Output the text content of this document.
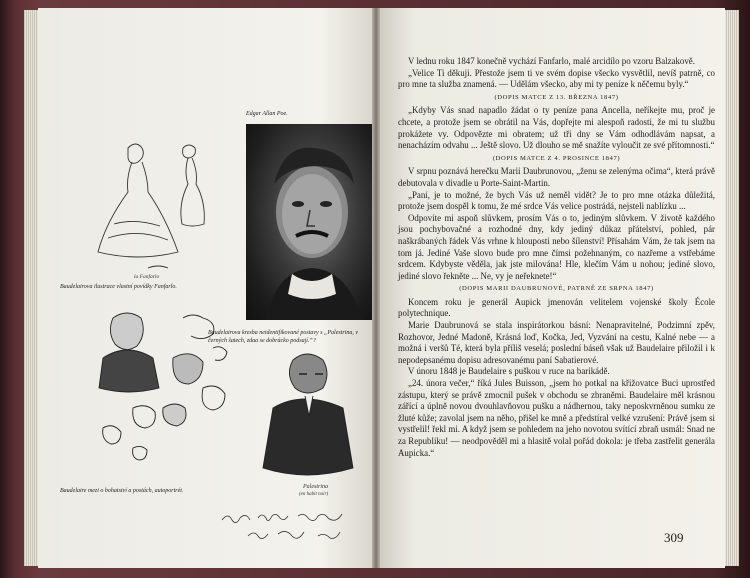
la Fanfarlo
Baudelairova ilustrace vlastní povídky Fanfarlo.
Edgar Allan Poe.
Baudelaire mezi o bohatství a postách, autoportrét.
Baudelairova kresba neidentifikované postavy s „Palestrina, v černých šatech, zdaa se dobrácko podsají.“?
Palestrina
(en habit noir)

V lednu roku 1847 konečně vychází Fanfarlo, malé arcidílo po vzoru Balzakově.

„Velice Ti děkuji. Přestože jsem ti ve svém dopise všecko vysvětlil, nevíš patrně, co pro mne ta služba znamená. — Udělám všecko, aby mi ty peníze k něčemu byly.“

(DOPIS MATCE Z 13. BŘEZNA 1847)

„Kdyby Vás snad napadlo žádat o ty peníze pana Ancella, neříkejte mu, proč je chcete, a protože jsem se obrátil na Vás, dopřejte mi alespoň radosti, že mi tu službu prokážete vy. Odpovězte mi obratem; už tři dny se Vám odhodlávám napsat, a nenacházím odvahu ... Ještě slovo. Už dlouho se mě snažíte vyloučit ze své přítomnosti.“

(DOPIS MATCE Z 4. PROSINCE 1847)

V srpnu poznává herečku Marii Daubrunovou, „ženu se zelenýma očima“, která právě debutovala v divadle u Porte-Saint-Martin.

„Paní, je to možné, že bych Vás už neměl vidět? Je to pro mne otázka důležitá, protože jsem dospěl k tomu, že mé srdce Vás velice postrádá, nejsteli nablízku ...

Odpovíte mi aspoň slůvkem, prosím Vás o to, jediným slůvkem. V životě každého jsou pochybovačné a rozhodné dny, kdy jediný důkaz přátelství, pohled, pár naškrábaných řádek Vás vrhne k hlouposti nebo šílenství! Přísahám Vám, že tak jsem na tom já. Jediné Vaše slovo bude pro mne čímsi požehnaným, co nazřeme a vstřebáme srdcem. Kdybyste věděla, jak jste milována! Hle, klečím Vám u nohou; jediné slovo, jediné slovo řekněte ... Ne, vy je neřeknete!“

(DOPIS MARII DAUBRUNOVÉ, PATRNĚ ZE SRPNA 1847)

Koncem roku je generál Aupick jmenován velitelem vojenské školy École polytechnique.

Marie Daubrunová se stala inspirátorkou básní: Nenapravitelné, Podzimní zpěv, Rozhovor, Jedné Madoně, Krásná loď, Kočka, Jed, Vyzvání na cestu, Kalné nebe — a možná i veršů Té, která byla příliš veselá; poslední báseň však už Baudelaire přiložil i k nepodepsanému dopisu adresovanému paní Sabatierové.

V únoru 1848 je Baudelaire s puškou v ruce na barikádě.

„24. února večer,“ říká Jules Buisson, „jsem ho potkal na křižovatce Buci uprostřed zástupu, který se právě zmocnil pušek v obchodu se zbraněmi. Baudelaire měl krásnou zářící a úplně novou dvouhlavňovou pušku a nádhernou, taky neposkvrněnou sumku ze žluté kůže; zavolal jsem na něho, přišel ke mně a předstíral velké vzrušení: Právě jsem si vystřelil! řekl mi. A když jsem se pohledem na jeho novotou svítící zbraň usmál: Snad ne za Republiku! — neodpověděl mi a hlasitě volal pořád dokola: je třeba zastřelit generála Aupicka.“

309
